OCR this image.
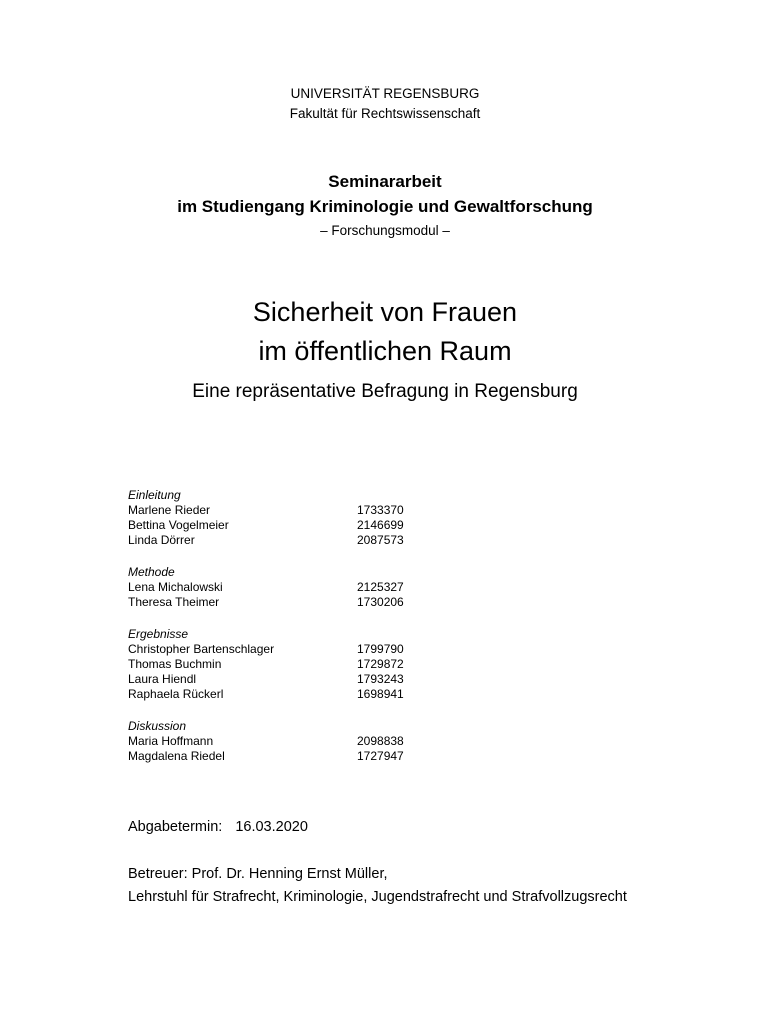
UNIVERSITÄT REGENSBURG
Fakultät für Rechtswissenschaft
Seminararbeit
im Studiengang Kriminologie und Gewaltforschung
– Forschungsmodul –
Sicherheit von Frauen
im öffentlichen Raum
Eine repräsentative Befragung in Regensburg
Einleitung
Marlene Rieder	1733370
Bettina Vogelmeier	2146699
Linda Dörrer	2087573
Methode
Lena Michalowski	2125327
Theresa Theimer	1730206
Ergebnisse
Christopher Bartenschlager	1799790
Thomas Buchmin	1729872
Laura Hiendl	1793243
Raphaela Rückerl	1698941
Diskussion
Maria Hoffmann	2098838
Magdalena Riedel	1727947
Abgabetermin: 16.03.2020
Betreuer: Prof. Dr. Henning Ernst Müller,
Lehrstuhl für Strafrecht, Kriminologie, Jugendstrafrecht und Strafvollzugsrecht
